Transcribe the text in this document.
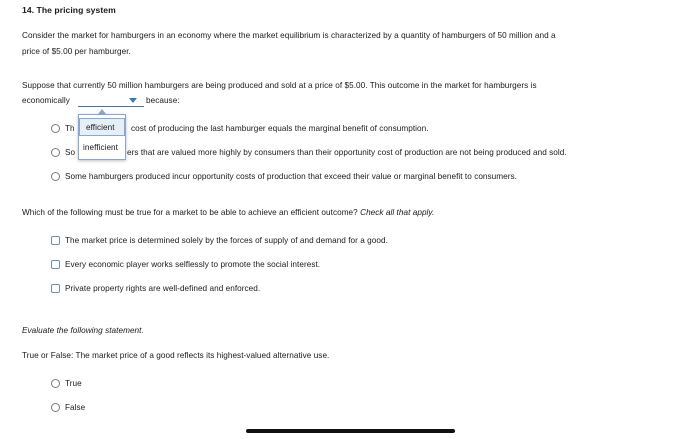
14. The pricing system
Consider the market for hamburgers in an economy where the market equilibrium is characterized by a quantity of hamburgers of 50 million and a
price of $5.00 per hamburger.
Suppose that currently 50 million hamburgers are being produced and sold at a price of $5.00. This outcome in the market for hamburgers is
economically	because:
Th	cost of producing the last hamburger equals the marginal benefit of consumption.
So	ers that are valued more highly by consumers than their opportunity cost of production are not being produced and sold.
Some hamburgers produced incur opportunity costs of production that exceed their value or marginal benefit to consumers.
efficient
inefficient
Which of the following must be true for a market to be able to achieve an efficient outcome? Check all that apply.
The market price is determined solely by the forces of supply of and demand for a good.
Every economic player works selflessly to promote the social interest.
Private property rights are well-defined and enforced.
Evaluate the following statement.
True or False: The market price of a good reflects its highest-valued alternative use.
True
False
